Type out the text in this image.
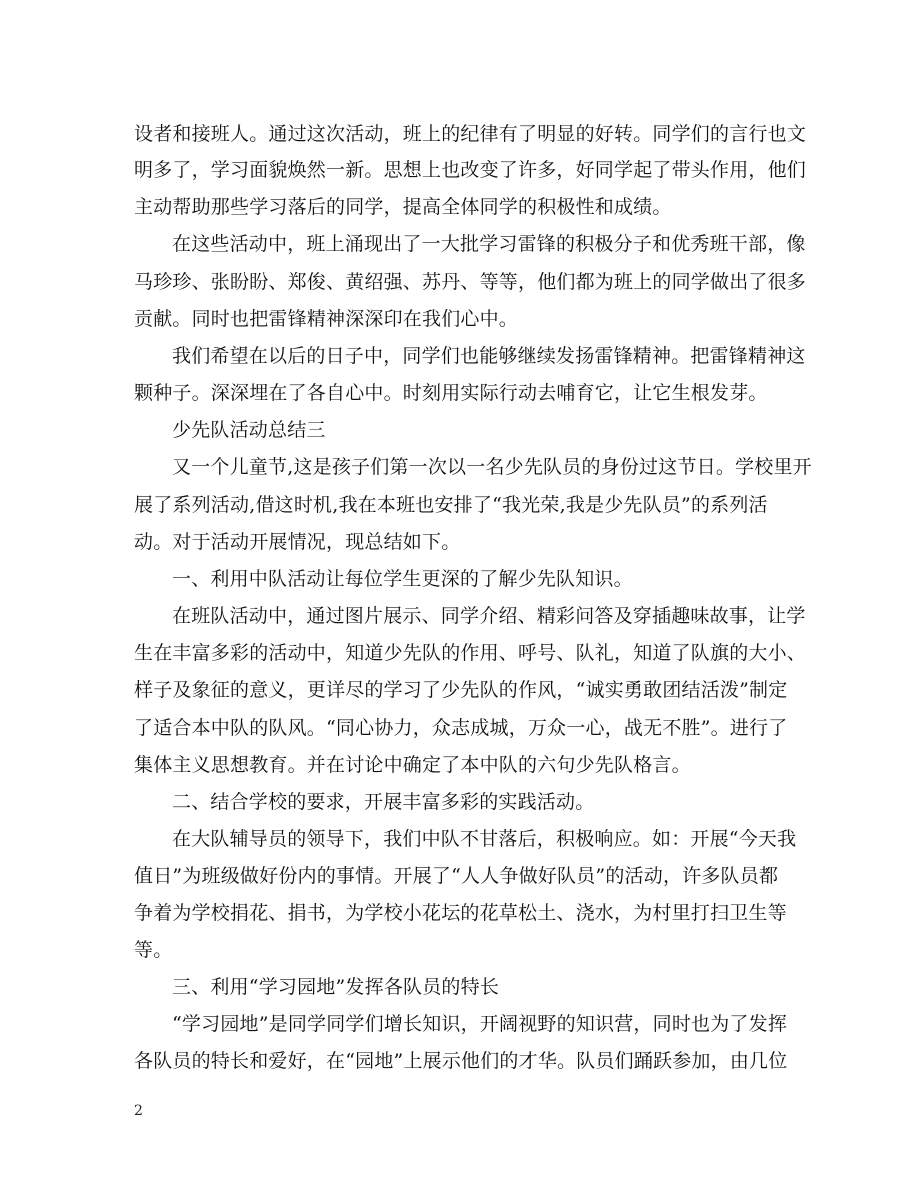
设者和接班人。通过这次活动，班上的纪律有了明显的好转。同学们的言行也文
明多了，学习面貌焕然一新。思想上也改变了许多，好同学起了带头作用，他们
主动帮助那些学习落后的同学，提高全体同学的积极性和成绩。
在这些活动中，班上涌现出了一大批学习雷锋的积极分子和优秀班干部，像
马珍珍、张盼盼、郑俊、黄绍强、苏丹、等等，他们都为班上的同学做出了很多
贡献。同时也把雷锋精神深深印在我们心中。
我们希望在以后的日子中，同学们也能够继续发扬雷锋精神。把雷锋精神这
颗种子。深深埋在了各自心中。时刻用实际行动去哺育它，让它生根发芽。
少先队活动总结三
又一个儿童节,这是孩子们第一次以一名少先队员的身份过这节日。学校里开
展了系列活动,借这时机,我在本班也安排了“我光荣,我是少先队员”的系列活
动。对于活动开展情况，现总结如下。
一、利用中队活动让每位学生更深的了解少先队知识。
在班队活动中，通过图片展示、同学介绍、精彩问答及穿插趣味故事，让学
生在丰富多彩的活动中，知道少先队的作用、呼号、队礼，知道了队旗的大小、
样子及象征的意义，更详尽的学习了少先队的作风，“诚实勇敢团结活泼”制定
了适合本中队的队风。“同心协力，众志成城，万众一心，战无不胜”。进行了
集体主义思想教育。并在讨论中确定了本中队的六句少先队格言。
二、结合学校的要求，开展丰富多彩的实践活动。
在大队辅导员的领导下，我们中队不甘落后，积极响应。如：开展“今天我
值日”为班级做好份内的事情。开展了“人人争做好队员”的活动，许多队员都
争着为学校捐花、捐书，为学校小花坛的花草松土、浇水，为村里打扫卫生等
等。
三、利用“学习园地”发挥各队员的特长
“学习园地”是同学同学们增长知识，开阔视野的知识营，同时也为了发挥
各队员的特长和爱好，在“园地”上展示他们的才华。队员们踊跃参加，由几位
2
